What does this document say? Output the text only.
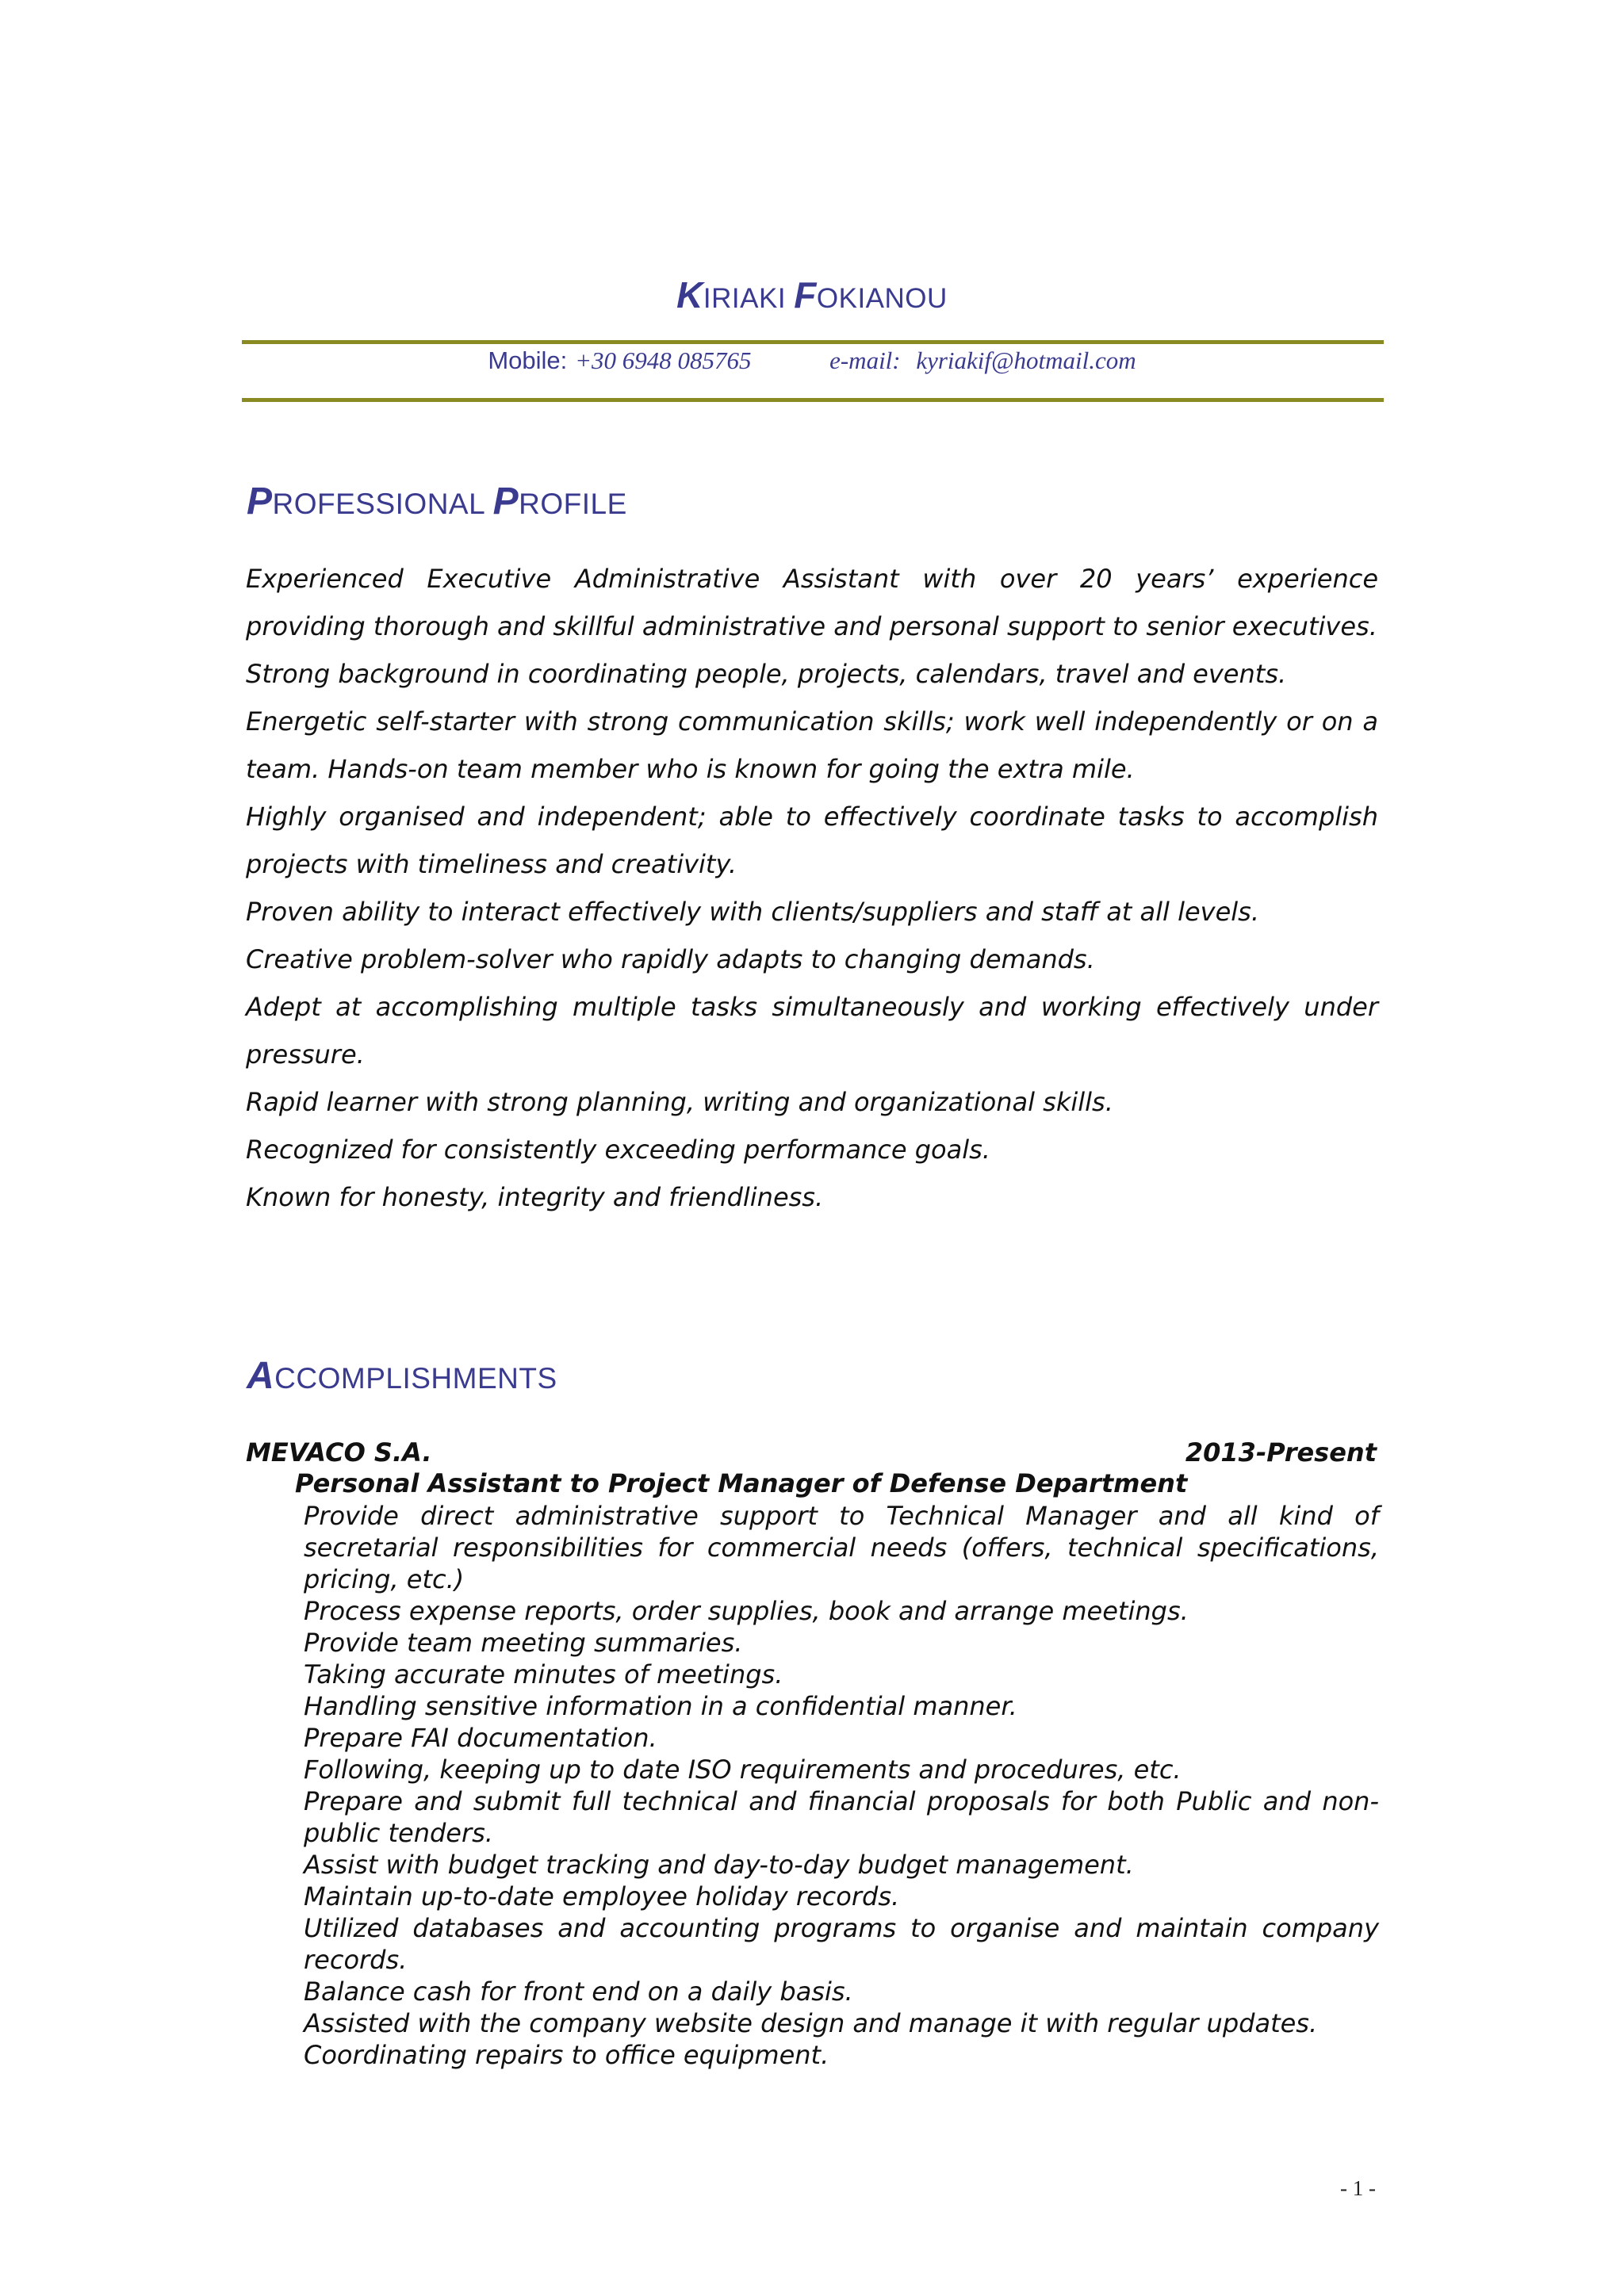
KIRIAKI FOKIANOU
Mobile: +30 6948 085765	e-mail: kyriakif@hotmail.com
PROFESSIONAL PROFILE

Experienced Executive Administrative Assistant with over 20 years’ experience providing thorough and skillful administrative and personal support to senior executives.

Strong background in coordinating people, projects, calendars, travel and events.

Energetic self-starter with strong communication skills; work well independently or on a team. Hands-on team member who is known for going the extra mile.

Highly organised and independent; able to effectively coordinate tasks to accomplish projects with timeliness and creativity.

Proven ability to interact effectively with clients/suppliers and staff at all levels.

Creative problem-solver who rapidly adapts to changing demands.

Adept at accomplishing multiple tasks simultaneously and working effectively under pressure.

Rapid learner with strong planning, writing and organizational skills.

Recognized for consistently exceeding performance goals.

Known for honesty, integrity and friendliness.

ACCOMPLISHMENTS
MEVACO S.A.	2013-Present
Personal Assistant to Project Manager of Defense Department

Provide direct administrative support to Technical Manager and all kind of secretarial responsibilities for commercial needs (offers, technical specifications, pricing, etc.)

Process expense reports, order supplies, book and arrange meetings.

Provide team meeting summaries.

Taking accurate minutes of meetings.

Handling sensitive information in a confidential manner.

Prepare FAI documentation.

Following, keeping up to date ISO requirements and procedures, etc.

Prepare and submit full technical and financial proposals for both Public and non-public tenders.

Assist with budget tracking and day-to-day budget management.

Maintain up-to-date employee holiday records.

Utilized databases and accounting programs to organise and maintain company records.

Balance cash for front end on a daily basis.

Assisted with the company website design and manage it with regular updates.

Coordinating repairs to office equipment.

- 1 -
